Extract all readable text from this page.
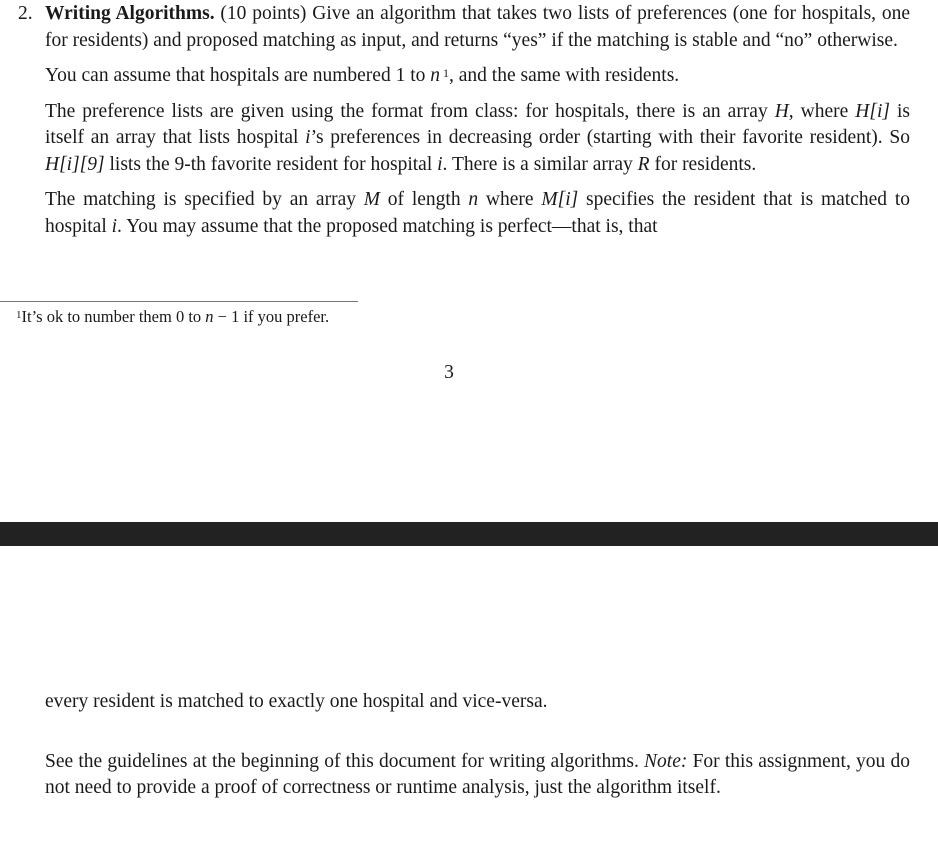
2. Writing Algorithms. (10 points) Give an algorithm that takes two lists of preferences (one for hospitals, one for residents) and proposed matching as input, and returns “yes” if the matching is stable and “no” otherwise.

You can assume that hospitals are numbered 1 to n $^1$, and the same with residents.

The preference lists are given using the format from class: for hospitals, there is an array H, where H[i] is itself an array that lists hospital i’s preferences in decreasing order (starting with their favorite resident). So H[i][9] lists the 9-th favorite resident for hospital i. There is a similar array R for residents.

The matching is specified by an array M of length n where M[i] specifies the resident that is matched to hospital i. You may assume that the proposed matching is perfect—that is, that

$^1$It’s ok to number them 0 to n − 1 if you prefer.
3

every resident is matched to exactly one hospital and vice-versa.

See the guidelines at the beginning of this document for writing algorithms. Note: For this assignment, you do not need to provide a proof of correctness or runtime analysis, just the algorithm itself.
